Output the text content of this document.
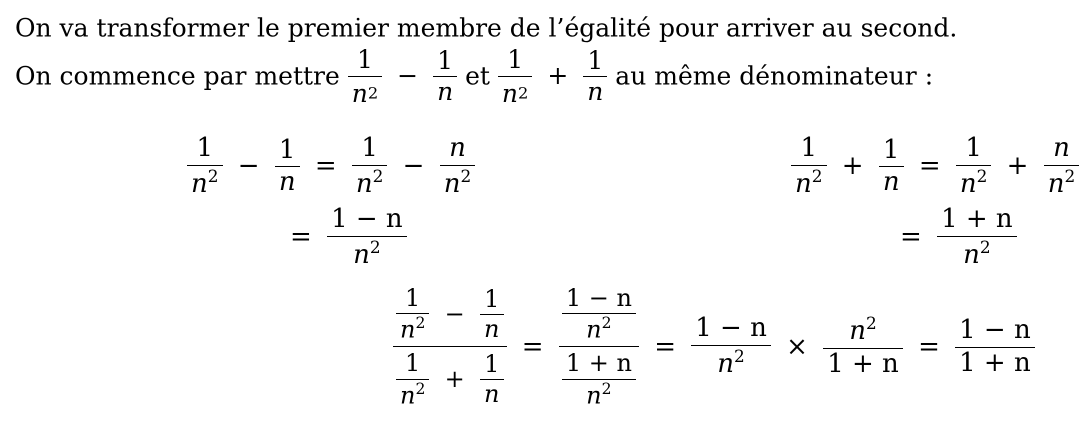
On va transformer le premier membre de l’égalité pour arriver au second.
On commence par mettre $\frac{1}{n2} - \frac{1}{n}$ et $\frac{1}{n2} + \frac{1}{n}$ au même dénominateur :
$\frac{1}{n^2} - \frac{1}{n} = \frac{1}{n^2} - \frac{n}{n^2}$
= $\frac{1 - n}{n^2}$
$\frac{1}{n^2} + \frac{1}{n} = \frac{1}{n^2} + \frac{n}{n^2}$
= $\frac{1 + n}{n^2}$
$\frac{\frac{1}{n^2} - \frac{1}{n}}{\frac{1}{n^2} + \frac{1}{n}} = \frac{\frac{1 - n}{n^2}}{\frac{1 + n}{n^2}} = \frac{1 - n}{n^2} \times \frac{n^2}{1 + n} = \frac{1 - n}{1 + n}$
